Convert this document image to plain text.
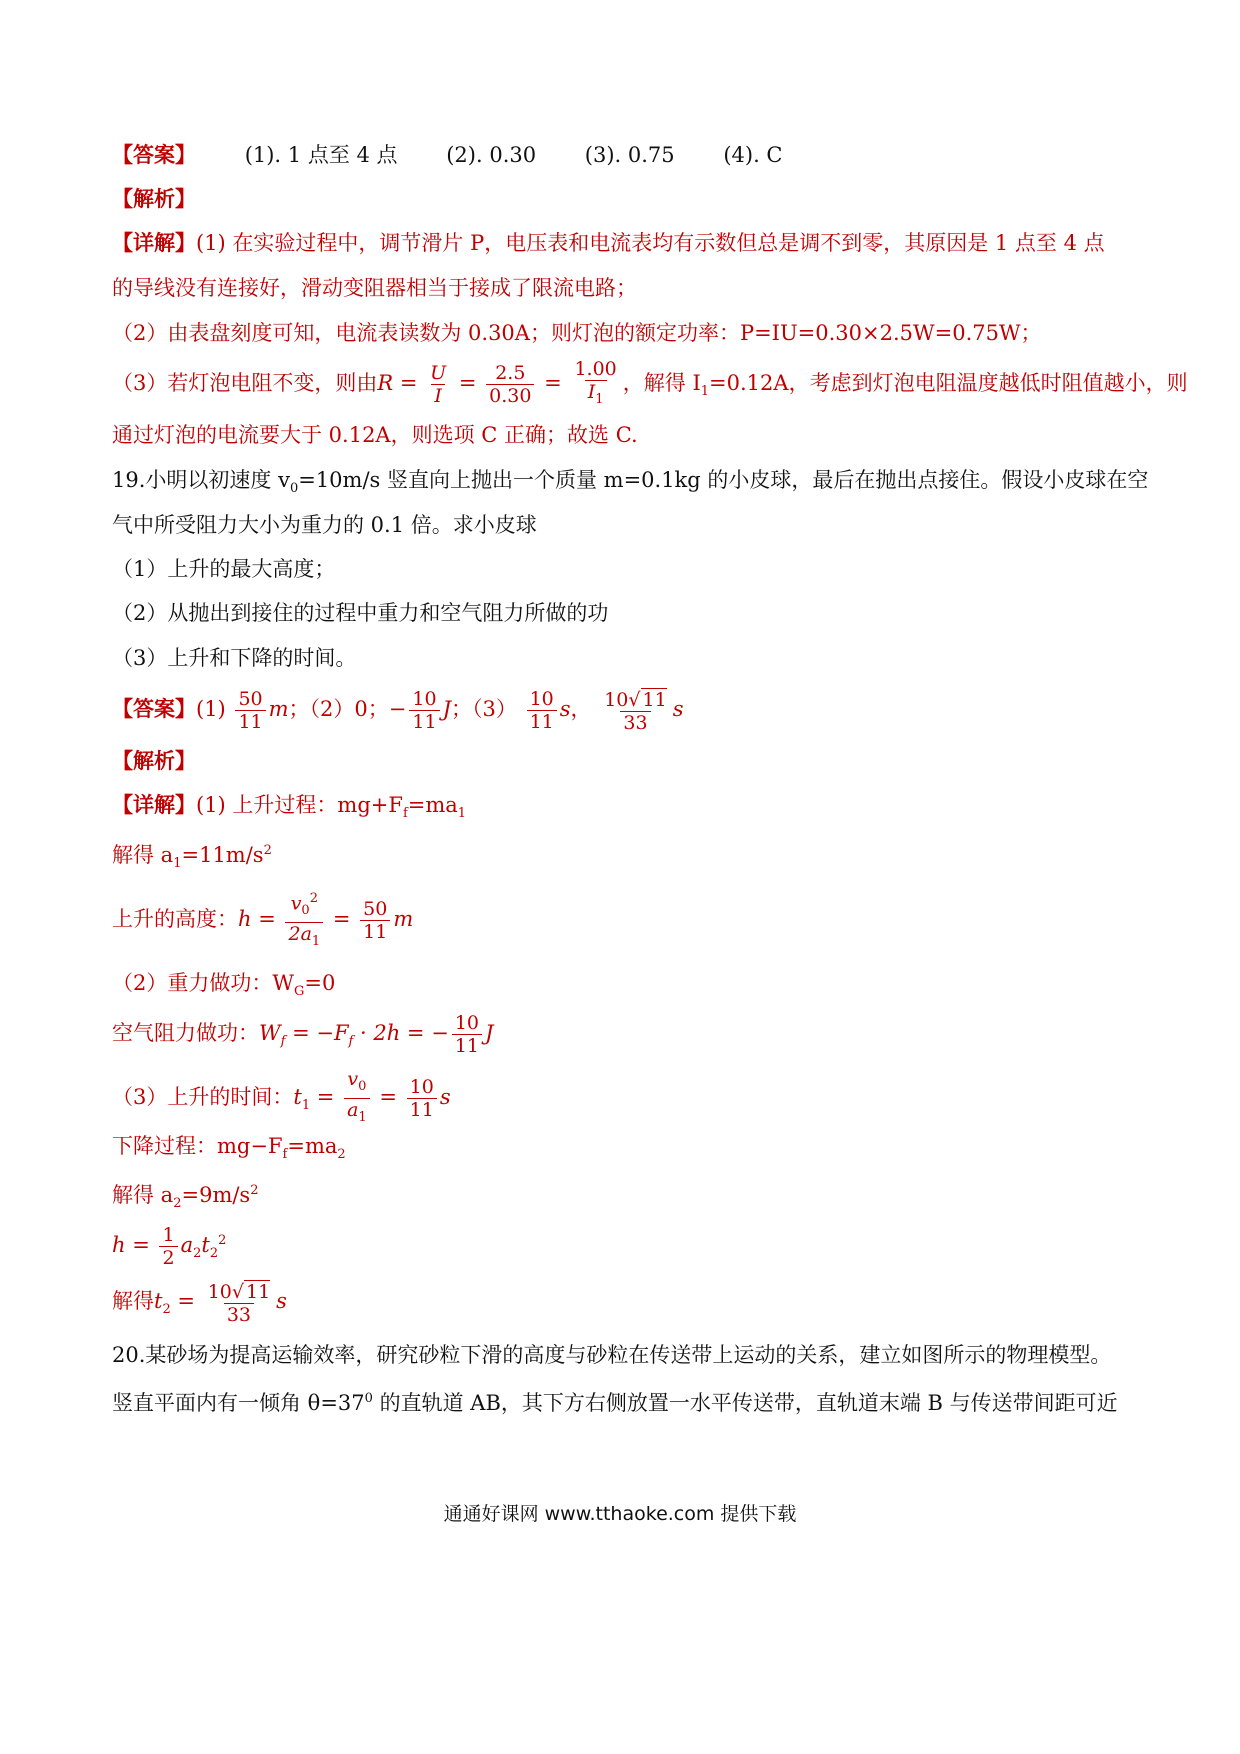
【答案】 (1). 1 点至 4 点 (2). 0.30 (3). 0.75 (4). C
【解析】
【详解】(1) 在实验过程中，调节滑片 P，电压表和电流表均有示数但总是调不到零，其原因是 1 点至 4 点
的导线没有连接好，滑动变阻器相当于接成了限流电路；
（2）由表盘刻度可知，电流表读数为 0.30A；则灯泡的额定功率：P=IU=0.30×2.5W=0.75W；
（3）若灯泡电阻不变，则由$R = \frac{U}{I} = \frac{2.5}{0.30} = \frac{1.00}{I_1}$ ，解得 $I_1=0.12A$，考虑到灯泡电阻温度越低时阻值越小，则
通过灯泡的电流要大于 0.12A，则选项 C 正确；故选 C.
19.小明以初速度 $v_0=10m/s$ 竖直向上抛出一个质量 m=0.1kg 的小皮球，最后在抛出点接住。假设小皮球在空
气中所受阻力大小为重力的 0.1 倍。求小皮球
（1）上升的最大高度；
（2）从抛出到接住的过程中重力和空气阻力所做的功
（3）上升和下降的时间。
【答案】$(1) \frac{50}{11}$ m；（2）0；− $\frac{10}{11}$ J；$(3) \frac{10}{11}$ s， $\frac{10√ 11}{33}$ s
【解析】
【详解】(1) 上升过程：$mg+F_f=ma_1$
解得 $a_1=11m/s^2$
上升的高度：$h = \frac{v_0^2}{2a_1} = \frac{50}{11}$ m
（2）重力做功：$W_G=0$
空气阻力做功：$W_f = -F_f \cdot 2h$ = − $\frac{10}{11}$ J
（3）上升的时间：$t_1 = \frac{v_0}{a_1} = \frac{10}{11}$ s
下降过程：$mg-F_f=ma_2$
解得 $a_2=9m/s^2$
$h = \frac{1}{2} a_2t_2^2$
解得$t_2 = \frac{10√ 11}{33}$ s
20.某砂场为提高运输效率，研究砂粒下滑的高度与砂粒在传送带上运动的关系，建立如图所示的物理模型。
竖直平面内有一倾角 $\theta=37^0$ 的直轨道 AB，其下方右侧放置一水平传送带，直轨道末端 B 与传送带间距可近
通通好课网 www.tthaoke.com 提供下载
